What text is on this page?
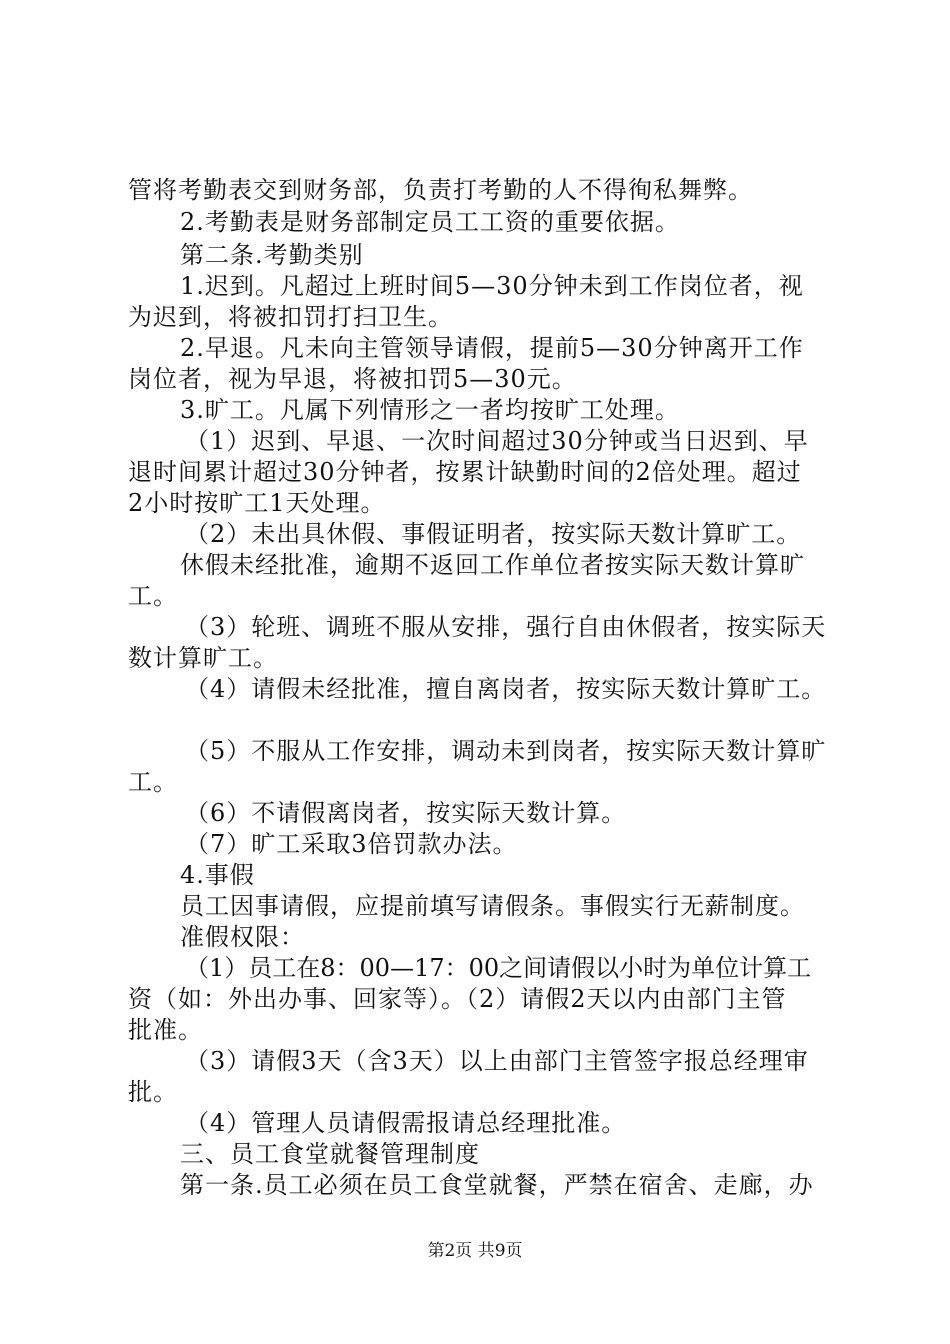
管将考勤表交到财务部，负责打考勤的人不得徇私舞弊。
2.考勤表是财务部制定员工工资的重要依据。
第二条.考勤类别
1.迟到。凡超过上班时间5—30分钟未到工作岗位者，视
为迟到，将被扣罚打扫卫生。
2.早退。凡未向主管领导请假，提前5—30分钟离开工作
岗位者，视为早退，将被扣罚5—30元。
3.旷工。凡属下列情形之一者均按旷工处理。
（1）迟到、早退、一次时间超过30分钟或当日迟到、早
退时间累计超过30分钟者，按累计缺勤时间的2倍处理。超过
2小时按旷工1天处理。
（2）未出具休假、事假证明者，按实际天数计算旷工。
休假未经批准，逾期不返回工作单位者按实际天数计算旷
工。
（3）轮班、调班不服从安排，强行自由休假者，按实际天
数计算旷工。
（4）请假未经批准，擅自离岗者，按实际天数计算旷工。
（5）不服从工作安排，调动未到岗者，按实际天数计算旷
工。
（6）不请假离岗者，按实际天数计算。
（7）旷工采取3倍罚款办法。
4.事假
员工因事请假，应提前填写请假条。事假实行无薪制度。
准假权限：
（1）员工在8：00—17：00之间请假以小时为单位计算工
资（如：外出办事、回家等）。（2）请假2天以内由部门主管
批准。
（3）请假3天（含3天）以上由部门主管签字报总经理审
批。
（4）管理人员请假需报请总经理批准。
三、员工食堂就餐管理制度
第一条.员工必须在员工食堂就餐，严禁在宿舍、走廊，办
第2页 共9页
